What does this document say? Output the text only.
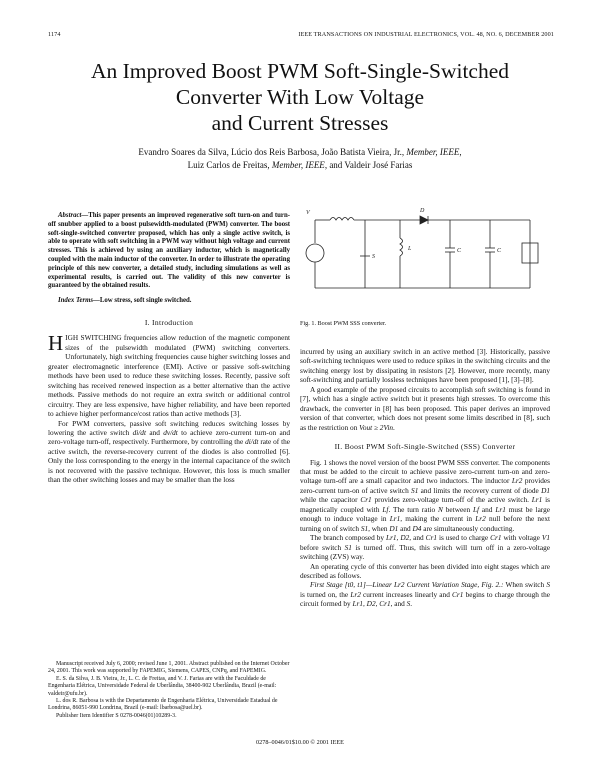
1174	IEEE TRANSACTIONS ON INDUSTRIAL ELECTRONICS, VOL. 48, NO. 6, DECEMBER 2001
An Improved Boost PWM Soft-Single-Switched
Converter With Low Voltage
and Current Stresses
Evandro Soares da Silva, Lúcio dos Reis Barbosa, João Batista Vieira, Jr., Member, IEEE,
Luiz Carlos de Freitas, Member, IEEE, and Valdeir José Farias

Abstract—This paper presents an improved regenerative soft turn-on and turn-off snubber applied to a boost pulsewidth-modulated (PWM) converter. The boost soft-single-switched converter proposed, which has only a single active switch, is able to operate with soft switching in a PWM way without high voltage and current stresses. This is achieved by using an auxiliary inductor, which is magnetically coupled with the main inductor of the converter. In order to illustrate the operating principle of this new converter, a detailed study, including simulations as well as experimental results, is carried out. The validity of this new converter is guaranteed by the obtained results.

Index Terms—Low stress, soft single switched.

I. Introduction

HIGH SWITCHING frequencies allow reduction of the magnetic component sizes of the pulsewidth modulated (PWM) switching converters. Unfortunately, high switching frequencies cause higher switching losses and greater electromagnetic interference (EMI). Active or passive soft-switching methods have been used to reduce these switching losses. Recently, passive soft switching has received renewed inspection as a better alternative than the active methods. Passive methods do not require an extra switch or additional control circuitry. They are less expensive, have higher reliability, and have been reported to achieve higher performance/cost ratios than active methods [3].

For PWM converters, passive soft switching reduces switching losses by lowering the active switch di/dt and dv/dt to achieve zero-current turn-on and zero-voltage turn-off, respectively. Furthermore, by controlling the di/dt rate of the active switch, the reverse-recovery current of the diodes is also controlled [6]. Only the loss corresponding to the energy in the internal capacitance of the switch is not recovered with the passive technique. However, this loss is much smaller than the other switching losses and may be smaller than the loss

Manuscript received July 6, 2000; revised June 1, 2001. Abstract published on the Internet October 24, 2001. This work was supported by FAPEMIG, Siemens, CAPES, CNPq, and FAPEMIG.

E. S. da Silva, J. B. Vieira, Jr., L. C. de Freitas, and V. J. Farias are with the Faculdade de Engenharia Elétrica, Universidade Federal de Uberlândia, 38400-902 Uberlândia, Brazil (e-mail: valdeir@ufu.br).

L. dos R. Barbosa is with the Departamento de Engenharia Elétrica, Universidade Estadual de Londrina, 86051-990 Londrina, Brazil (e-mail: lbarbosa@uel.br).

Publisher Item Identifier S 0278-0046(01)10289-3.

V	D
L
S
C	C
Fig. 1. Boost PWM SSS converter.

incurred by using an auxiliary switch in an active method [3]. Historically, passive soft-switching techniques were used to reduce spikes in the switching circuits and the switching energy lost by dissipating in resistors [2]. However, more recently, many soft-switching and partially lossless techniques have been proposed [1], [3]–[8].

A good example of the proposed circuits to accomplish soft switching is found in [7], which has a single active switch but it presents high stresses. To overcome this drawback, the converter in [8] has been proposed. This paper derives an improved version of that converter, which does not present some limits described in [8], such as the restriction on Vout ≥ 2Vin.

II. Boost PWM Soft-Single-Switched (SSS) Converter

Fig. 1 shows the novel version of the boost PWM SSS converter. The components that must be added to the circuit to achieve passive zero-current turn-on and zero-voltage turn-off are a small capacitor and two inductors. The inductor Lr2 provides zero-current turn-on of active switch S1 and limits the recovery current of diode D1 while the capacitor Cr1 provides zero-voltage turn-off of the active switch. Lr1 is magnetically coupled with Lf. The turn ratio N between Lf and Lr1 must be large enough to induce voltage in Lr1, making the current in Lr2 null before the next turning on of switch S1, when D1 and D4 are simultaneously conducting.

The branch composed by Lr1, D2, and Cr1 is used to charge Cr1 with voltage V1 before switch S1 is turned off. Thus, this switch will turn off in a zero-voltage switching (ZVS) way.

An operating cycle of this converter has been divided into eight stages which are described as follows.

First Stage [t0, t1]—Linear Lr2 Current Variation Stage, Fig. 2.: When switch S is turned on, the Lr2 current increases linearly and Cr1 begins to charge through the circuit formed by Lr1, D2, Cr1, and S.

0278–0046/01$10.00 © 2001 IEEE
